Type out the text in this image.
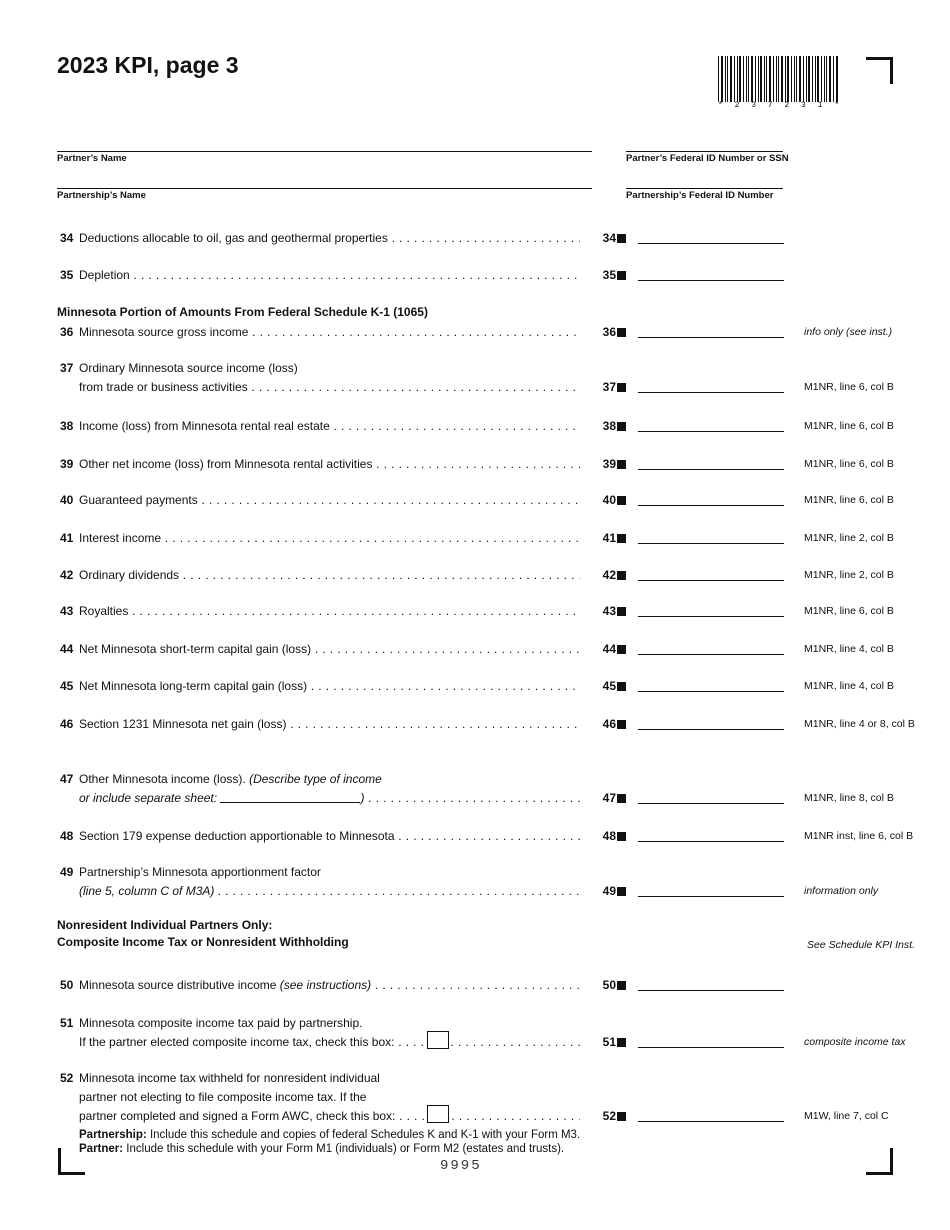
2023 KPI, page 3
* 2 3 7 2 3 1 *
Partner’s Name	Partner’s Federal ID Number or SSN
Partnership’s Name	Partnership’s Federal ID Number
34 Deductions allocable to oil, gas and geothermal properties . . .	34
35 Depletion . . .	35
Minnesota Portion of Amounts From Federal Schedule K-1 (1065)
36 Minnesota source gross income . . .	36	info only (see inst.)
37 Ordinary Minnesota source income (loss)
from trade or business activities . . .	37	M1NR, line 6, col B
38 Income (loss) from Minnesota rental real estate . . .	38	M1NR, line 6, col B
39 Other net income (loss) from Minnesota rental activities . . .	39	M1NR, line 6, col B
40 Guaranteed payments . . .	40	M1NR, line 6, col B
41 Interest income . . .	41	M1NR, line 2, col B
42 Ordinary dividends . . .	42	M1NR, line 2, col B
43 Royalties . . .	43	M1NR, line 6, col B
44 Net Minnesota short-term capital gain (loss) . . .	44	M1NR, line 4, col B
45 Net Minnesota long-term capital gain (loss) . . .	45	M1NR, line 4, col B
46 Section 1231 Minnesota net gain (loss) . . .	46	M1NR, line 4 or 8, col B
47 Other Minnesota income (loss). (Describe type of income
or include separate sheet:	) . . .	47	M1NR, line 8, col B
48 Section 179 expense deduction apportionable to Minnesota . . .	48	M1NR inst, line 6, col B
49 Partnership’s Minnesota apportionment factor
(line 5, column C of M3A) . . .	49	information only
Nonresident Individual Partners Only:
Composite Income Tax or Nonresident Withholding	See Schedule KPI Inst.
50 Minnesota source distributive income (see instructions) . . .	50
51 Minnesota composite income tax paid by partnership.
If the partner elected composite income tax, check this box: . . .	51	composite income tax
52 Minnesota income tax withheld for nonresident individual
partner not electing to file composite income tax. If the
partner completed and signed a Form AWC, check this box: . . .	52	M1W, line 7, col C
Partnership: Include this schedule and copies of federal Schedules K and K-1 with your Form M3.
Partner: Include this schedule with your Form M1 (individuals) or Form M2 (estates and trusts).
9995
